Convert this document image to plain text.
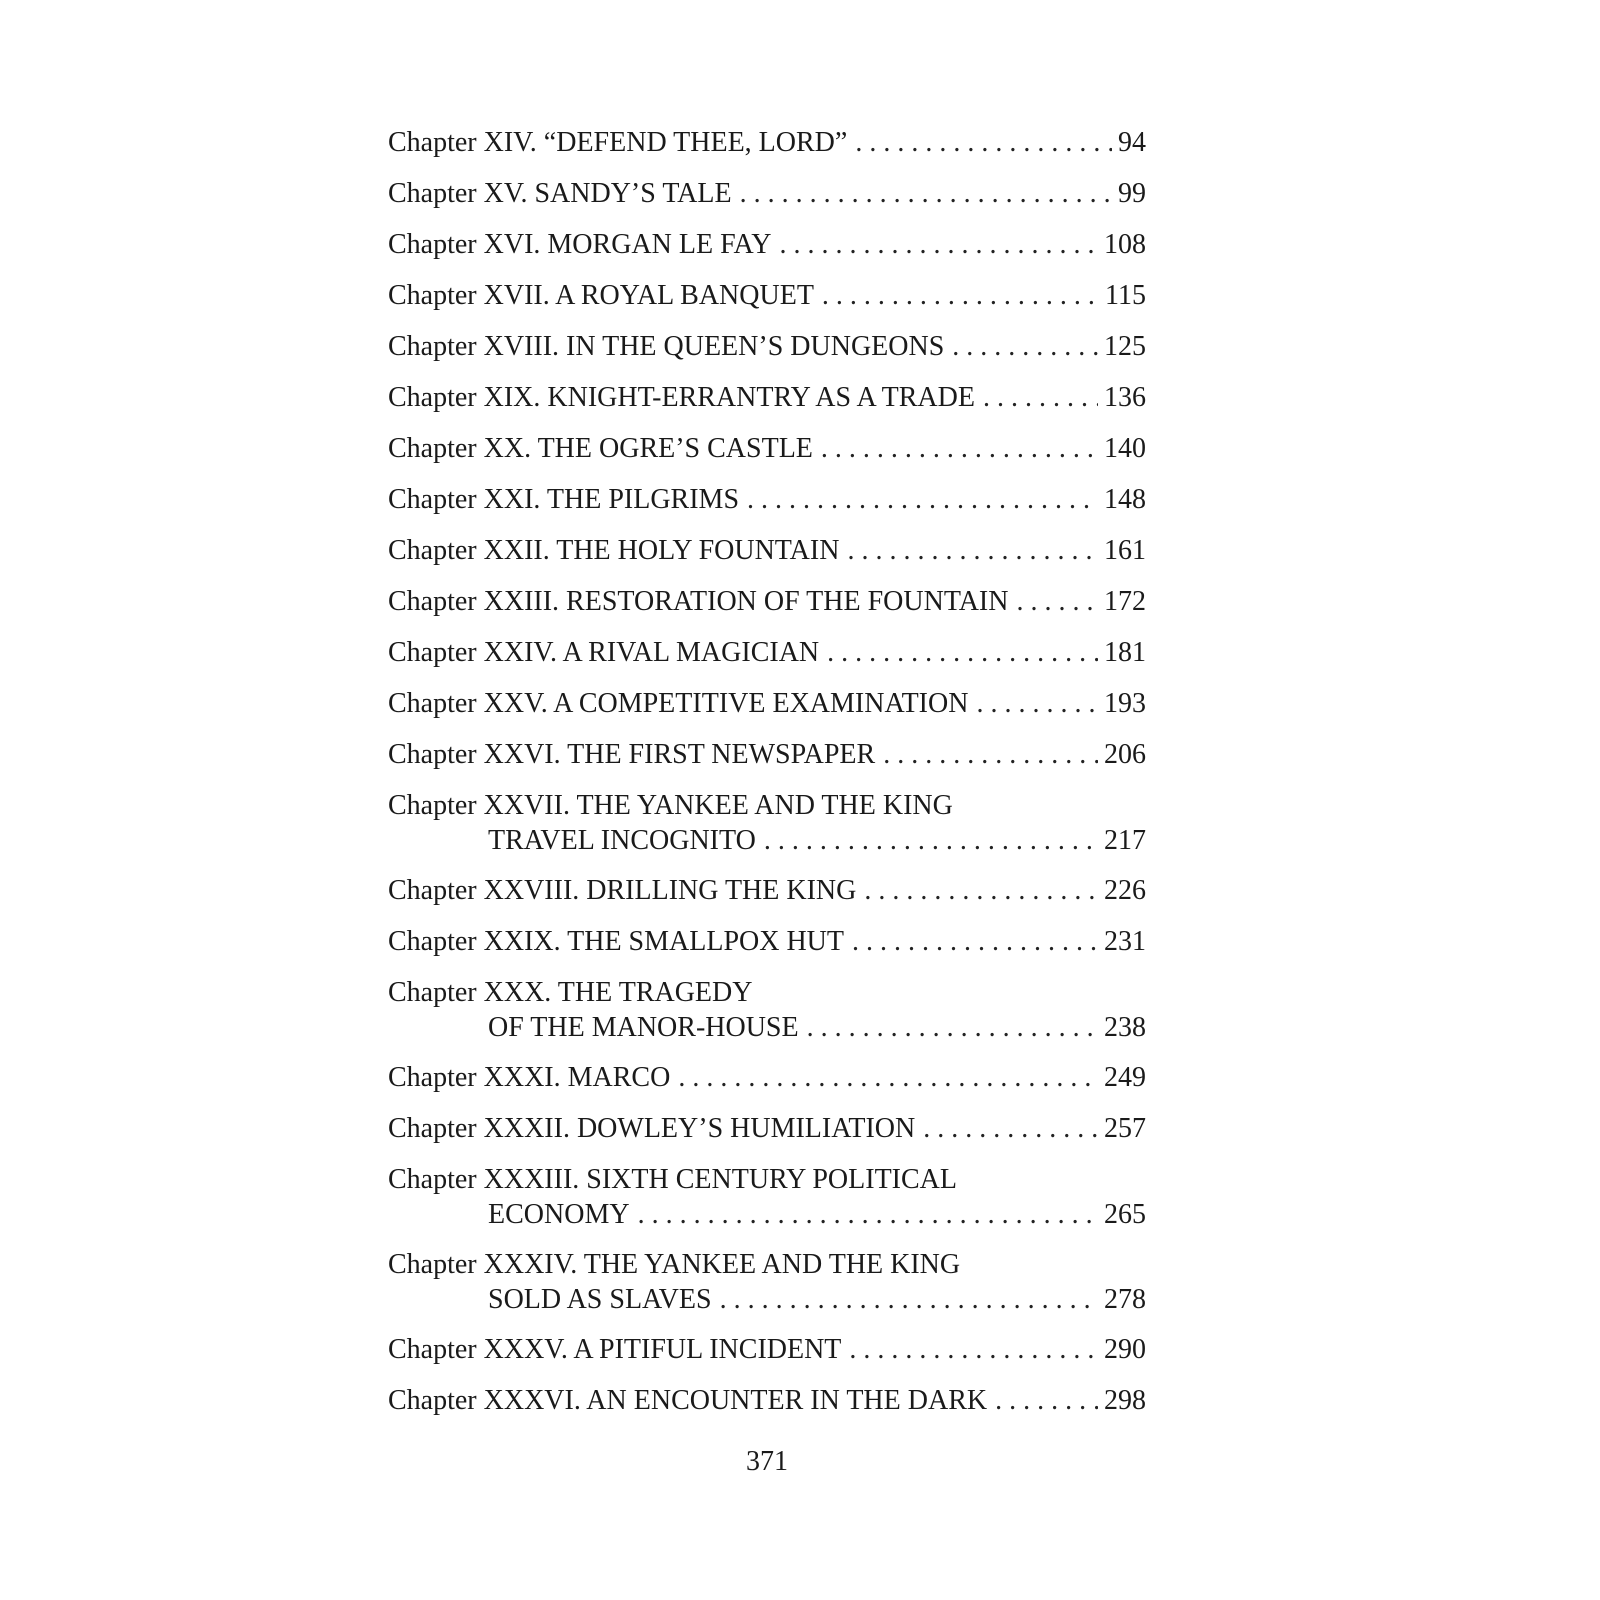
Chapter XIV. “DEFEND THEE, LORD” . . .	94
Chapter XV. SANDY’S TALE . . .	99
Chapter XVI. MORGAN LE FAY . . .	108
Chapter XVII. A ROYAL BANQUET . . .	115
Chapter XVIII. IN THE QUEEN’S DUNGEONS . . .	125
Chapter XIX. KNIGHT-ERRANTRY AS A TRADE . . .	136
Chapter XX. THE OGRE’S CASTLE . . .	140
Chapter XXI. THE PILGRIMS . . .	148
Chapter XXII. THE HOLY FOUNTAIN . . .	161
Chapter XXIII. RESTORATION OF THE FOUNTAIN . . .	172
Chapter XXIV. A RIVAL MAGICIAN . . .	181
Chapter XXV. A COMPETITIVE EXAMINATION . . .	193
Chapter XXVI. THE FIRST NEWSPAPER . . .	206
Chapter XXVII. THE YANKEE AND THE KING
TRAVEL INCOGNITO . . .	217
Chapter XXVIII. DRILLING THE KING . . .	226
Chapter XXIX. THE SMALLPOX HUT . . .	231
Chapter XXX. THE TRAGEDY
OF THE MANOR-HOUSE . . .	238
Chapter XXXI. MARCO . . .	249
Chapter XXXII. DOWLEY’S HUMILIATION . . .	257
Chapter XXXIII. SIXTH CENTURY POLITICAL
ECONOMY . . .	265
Chapter XXXIV. THE YANKEE AND THE KING
SOLD AS SLAVES . . .	278
Chapter XXXV. A PITIFUL INCIDENT . . .	290
Chapter XXXVI. AN ENCOUNTER IN THE DARK . . .	298
371
